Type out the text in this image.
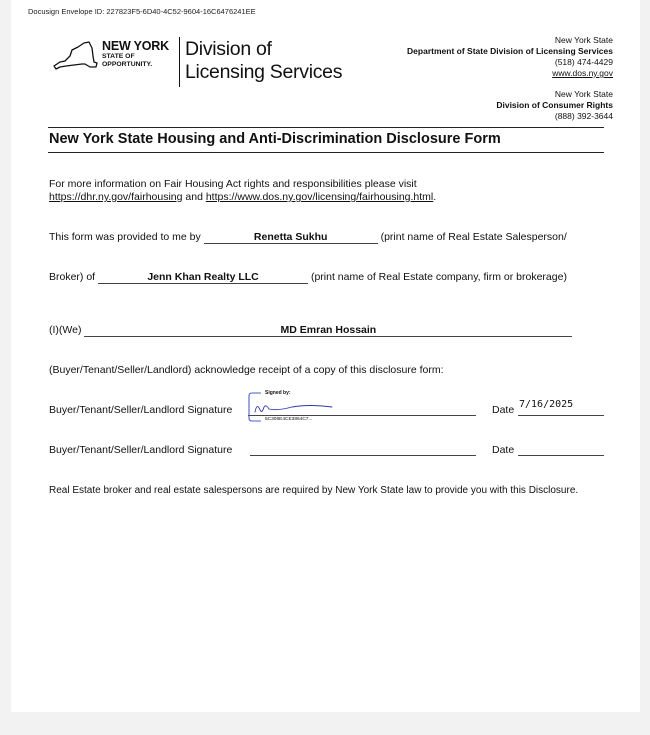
Docusign Envelope ID: 227823F5-6D40-4C52-9604-16C6476241EE
NEW YORK
STATE OF
OPPORTUNITY.
Division of
Licensing Services
New York State
Department of State Division of Licensing Services
(518) 474-4429
www.dos.ny.gov
New York State
Division of Consumer Rights
(888) 392-3644
New York State Housing and Anti-Discrimination Disclosure Form
For more information on Fair Housing Act rights and responsibilities please visit
https://dhr.ny.gov/fairhousing and https://www.dos.ny.gov/licensing/fairhousing.html.
This form was provided to me by	Renetta Sukhu	(print name of Real Estate Salesperson/
Broker) of	Jenn Khan Realty LLC	(print name of Real Estate company, firm or brokerage)
(I)(We)	MD Emran Hossain
(Buyer/Tenant/Seller/Landlord) acknowledge receipt of a copy of this disclosure form:
Buyer/Tenant/Seller/Landlord Signature
Signed by:
5C306E4CE3864C7...
Date 7/16/2025
Buyer/Tenant/Seller/Landlord Signature	Date
Real Estate broker and real estate salespersons are required by New York State law to provide you with this Disclosure.
